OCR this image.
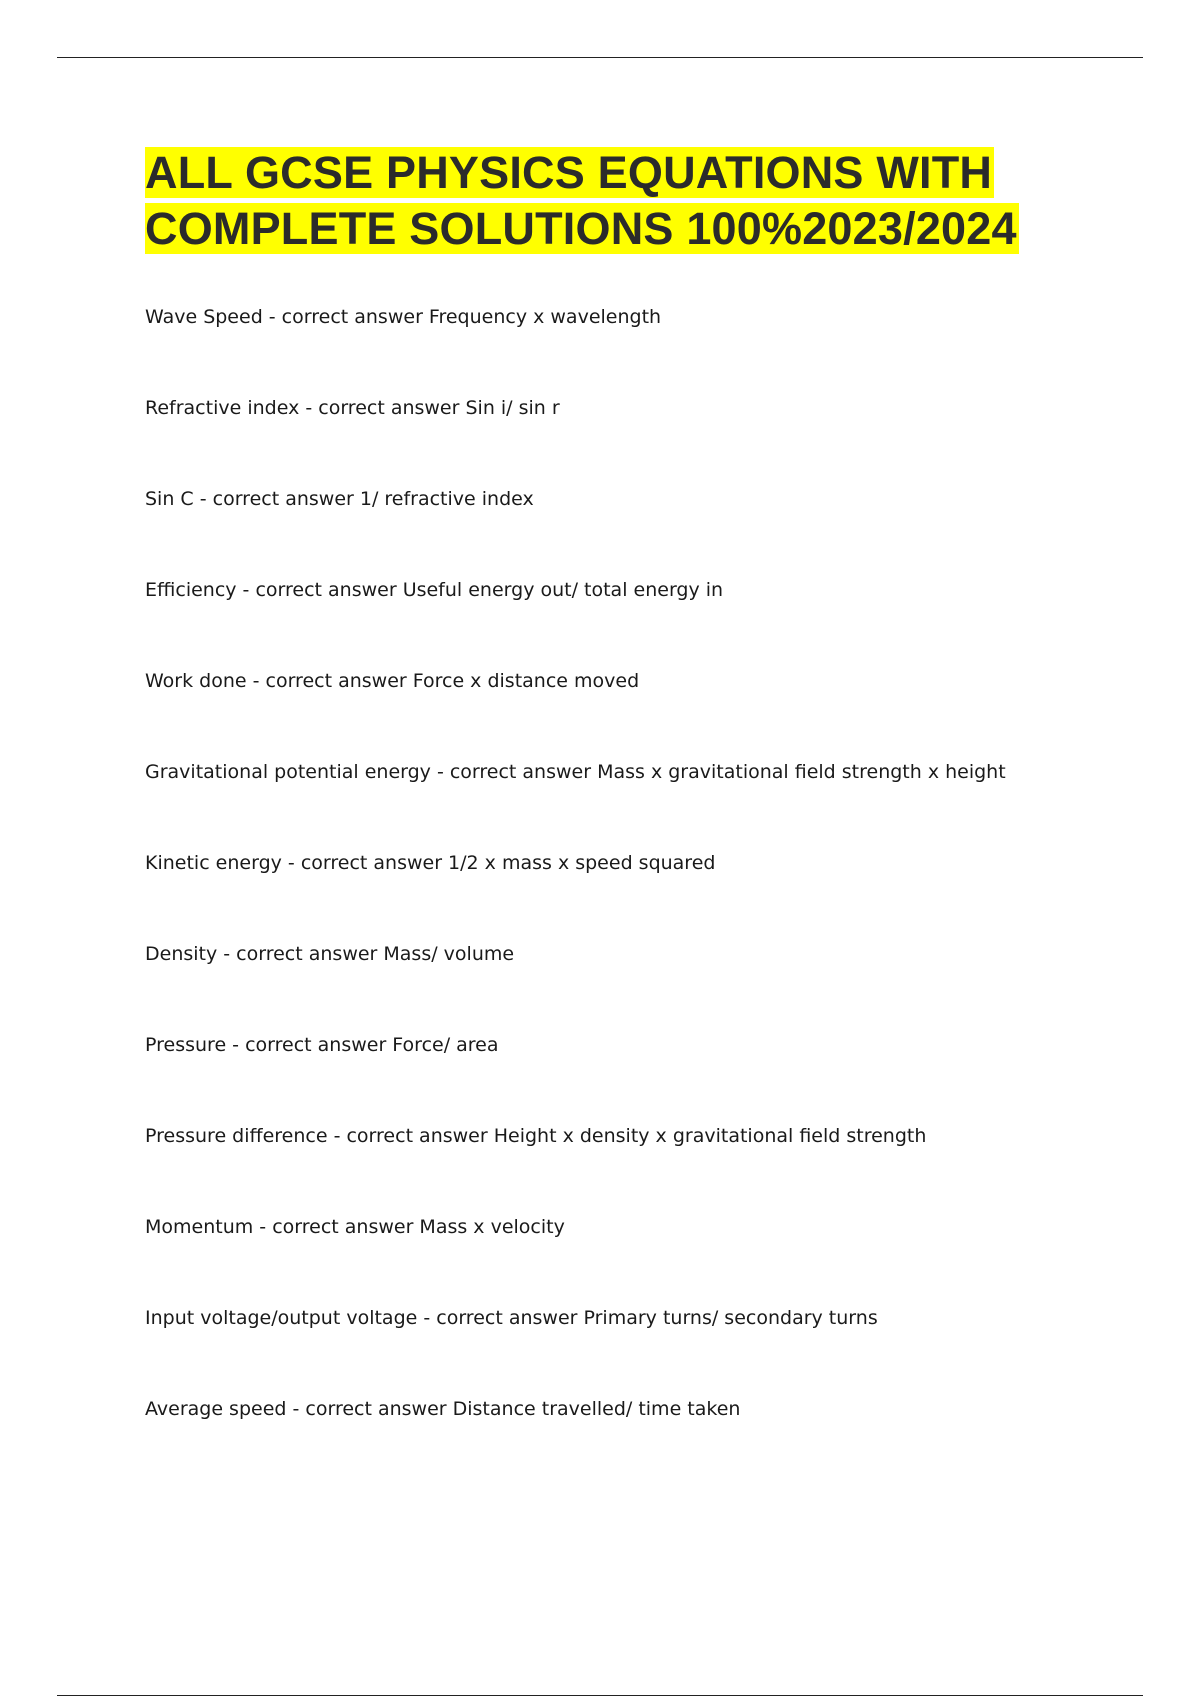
ALL GCSE PHYSICS EQUATIONS WITH COMPLETE SOLUTIONS 100%2023/2024
Wave Speed - correct answer Frequency x wavelength
Refractive index - correct answer Sin i/ sin r
Sin C - correct answer 1/ refractive index
Efficiency - correct answer Useful energy out/ total energy in
Work done - correct answer Force x distance moved
Gravitational potential energy - correct answer Mass x gravitational field strength x height
Kinetic energy - correct answer 1/2 x mass x speed squared
Density - correct answer Mass/ volume
Pressure - correct answer Force/ area
Pressure difference - correct answer Height x density x gravitational field strength
Momentum - correct answer Mass x velocity
Input voltage/output voltage - correct answer Primary turns/ secondary turns
Average speed - correct answer Distance travelled/ time taken
